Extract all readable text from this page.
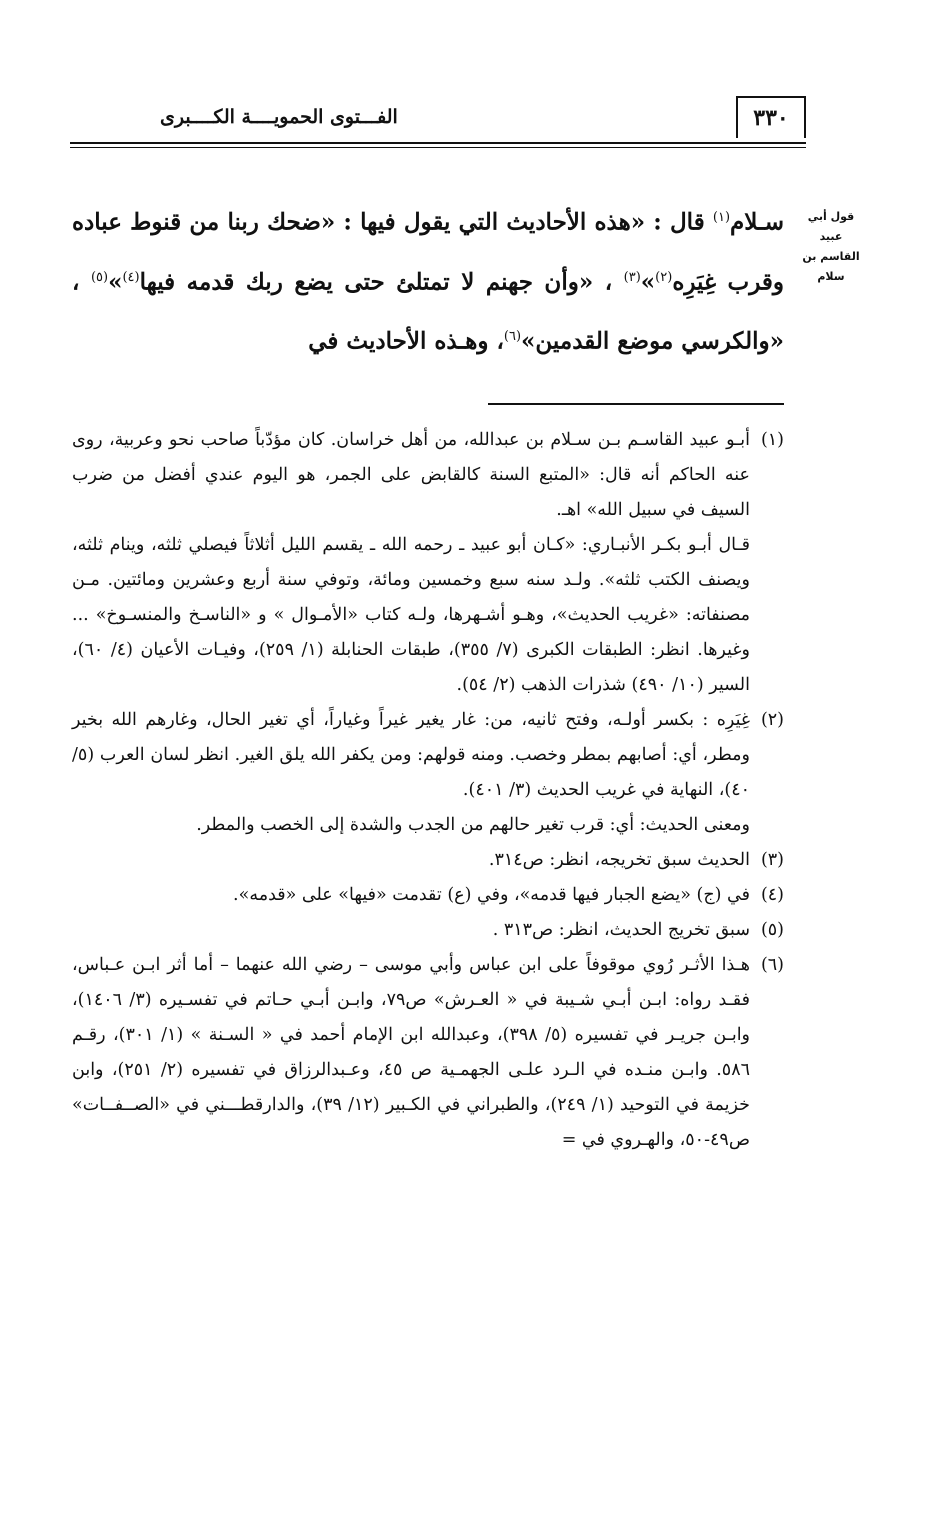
الفـــتوى الحمويــــة الكــــبرى	٣٣٠
قول أبي
عبيد
القاسم بن
سلام
سـلام$^{(١)}$ قال : «هذه الأحاديث التي يقول فيها : «ضحك ربنا من قنوط عباده وقرب غِيَرِه$^{(٢)}$»$^{(٣)}$ ، «وأن جهنم لا تمتلئ حتى يضع ربك قدمه فيها$^{(٤)}$»$^{(٥)}$ ، «والكرسي موضع القدمين»$^{(٦)}$، وهـذه الأحاديث في

(١)أبـو عبيد القاسـم بـن سـلام بن عبدالله، من أهل خراسان. كان مؤدّباً صاحب نحو وعربية، روى عنه الحاكم أنه قال: «المتبع السنة كالقابض على الجمر، هو اليوم عندي أفضل من ضرب السيف في سبيل الله» اهـ.

قـال أبـو بكـر الأنبـاري: «كـان أبو عبيد ـ رحمه الله ـ يقسم الليل أثلاثاً فيصلي ثلثه، وينام ثلثه، ويصنف الكتب ثلثه». ولـد سنه سبع وخمسين ومائة، وتوفي سنة أربع وعشرين ومائتين. مـن مصنفاته: «غريب الحديث»، وهـو أشـهرها، ولـه كتاب «الأمـوال » و «الناسـخ والمنسـوخ» ... وغيرها. انظر: الطبقات الكبرى (٧/ ٣٥٥)، طبقات الحنابلة (١/ ٢٥٩)، وفيـات الأعيان (٤/ ٦٠)، السير (١٠/ ٤٩٠) شذرات الذهب (٢/ ٥٤).

(٢)غِيَرِه : بكسر أولـه، وفتح ثانيه، من: غار يغير غيراً وغياراً، أي تغير الحال، وغارهم الله بخير ومطر، أي: أصابهم بمطر وخصب. ومنه قولهم: ومن يكفر الله يلق الغير. انظر لسان العرب (٥/ ٤٠)، النهاية في غريب الحديث (٣/ ٤٠١).

ومعنى الحديث: أي: قرب تغير حالهم من الجدب والشدة إلى الخصب والمطر.

(٣)الحديث سبق تخريجه، انظر: ص٣١٤.

(٤)في (ج) «يضع الجبار فيها قدمه»، وفي (ع) تقدمت «فيها» على «قدمه».

(٥)سبق تخريج الحديث، انظر: ص٣١٣ .

(٦)هـذا الأثـر رُوي موقوفاً على ابن عباس وأبي موسى – رضي الله عنهما – أما أثر ابـن عـباس، فقـد رواه: ابـن أبـي شـيبة في « العـرش» ص٧٩، وابـن أبـي حـاتم في تفسـيره (٣/ ١٤٠٦)، وابـن جريـر في تفسيره (٥/ ٣٩٨)، وعبدالله ابن الإمام أحمد في « السـنة » (١/ ٣٠١)، رقـم ٥٨٦. وابـن منـده في الـرد علـى الجهمـية ص ٤٥، وعـبدالرزاق في تفسيره (٢/ ٢٥١)، وابن خزيمة في التوحيد (١/ ٢٤٩)، والطبراني في الكـبير (١٢/ ٣٩)، والدارقطـــني في «الصــفــات» ص٤٩-٥٠، والهـروي في =
